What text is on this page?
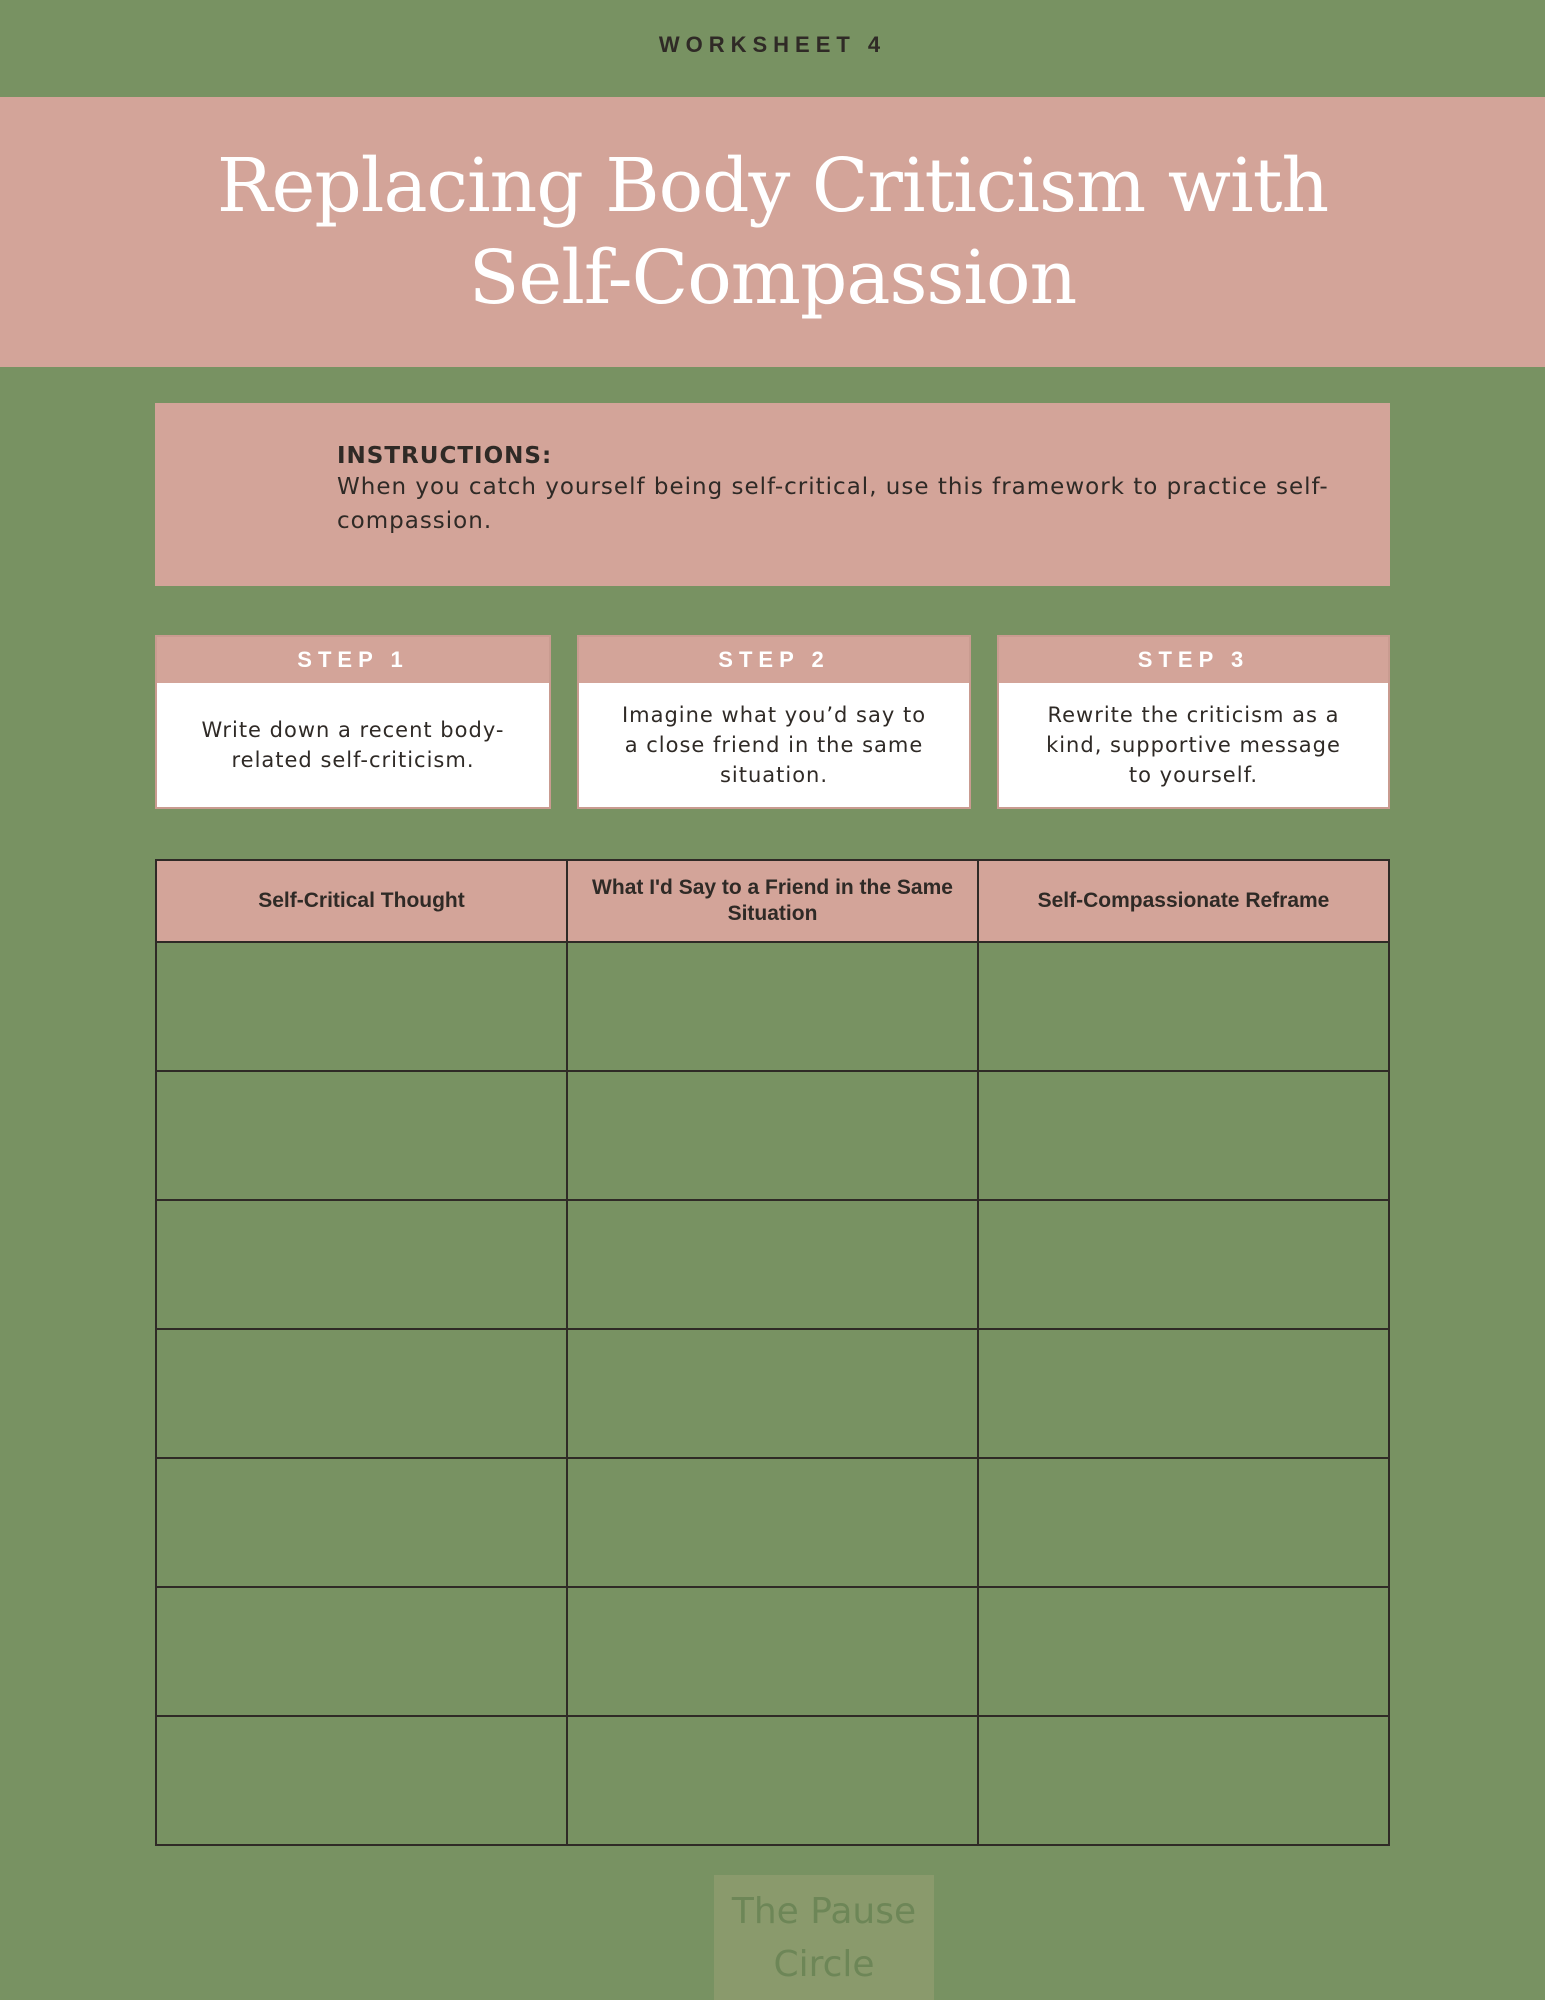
WORKSHEET 4
Replacing Body Criticism with Self-Compassion
INSTRUCTIONS:
When you catch yourself being self-critical, use this framework to practice self-compassion.
STEP 1
Write down a recent body-related self-criticism.
STEP 2
Imagine what you’d say to a close friend in the same situation.
STEP 3
Rewrite the criticism as a kind, supportive message to yourself.
Self-Critical Thought	What I'd Say to a Friend in the Same Situation	Self-Compassionate Reframe

The Pause Circle
